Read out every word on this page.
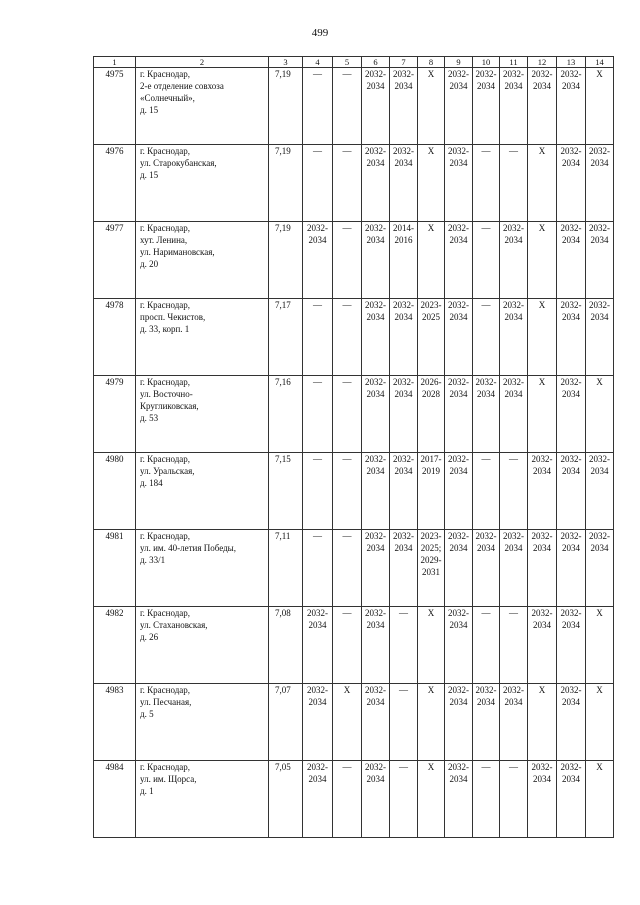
499
1	2	3	4	5	6	7	8	9	10	11	12	13	14
4975	г. Краснодар,
2-е отделение совхоза
«Солнечный»,
д. 15	7,19	—	—	2032-
2034	2032-
2034	X	2032-
2034	2032-
2034	2032-
2034	2032-
2034	2032-
2034	X
4976	г. Краснодар,
ул. Старокубанская,
д. 15	7,19	—	—	2032-
2034	2032-
2034	X	2032-
2034	—	—	X	2032-
2034	2032-
2034
4977	г. Краснодар,
хут. Ленина,
ул. Наримановская,
д. 20	7,19	2032-
2034	—	2032-
2034	2014-
2016	X	2032-
2034	—	2032-
2034	X	2032-
2034	2032-
2034
4978	г. Краснодар,
просп. Чекистов,
д. 33, корп. 1	7,17	—	—	2032-
2034	2032-
2034	2023-
2025	2032-
2034	—	2032-
2034	X	2032-
2034	2032-
2034
4979	г. Краснодар,
ул. Восточно-
Кругликовская,
д. 53	7,16	—	—	2032-
2034	2032-
2034	2026-
2028	2032-
2034	2032-
2034	2032-
2034	X	2032-
2034	X
4980	г. Краснодар,
ул. Уральская,
д. 184	7,15	—	—	2032-
2034	2032-
2034	2017-
2019	2032-
2034	—	—	2032-
2034	2032-
2034	2032-
2034
4981	г. Краснодар,
ул. им. 40-летия Победы,
д. 33/1	7,11	—	—	2032-
2034	2032-
2034	2023-
2025;
2029-
2031	2032-
2034	2032-
2034	2032-
2034	2032-
2034	2032-
2034	2032-
2034
4982	г. Краснодар,
ул. Стахановская,
д. 26	7,08	2032-
2034	—	2032-
2034	—	X	2032-
2034	—	—	2032-
2034	2032-
2034	X
4983	г. Краснодар,
ул. Песчаная,
д. 5	7,07	2032-
2034	X	2032-
2034	—	X	2032-
2034	2032-
2034	2032-
2034	X	2032-
2034	X
4984	г. Краснодар,
ул. им. Щорса,
д. 1	7,05	2032-
2034	—	2032-
2034	—	X	2032-
2034	—	—	2032-
2034	2032-
2034	X
